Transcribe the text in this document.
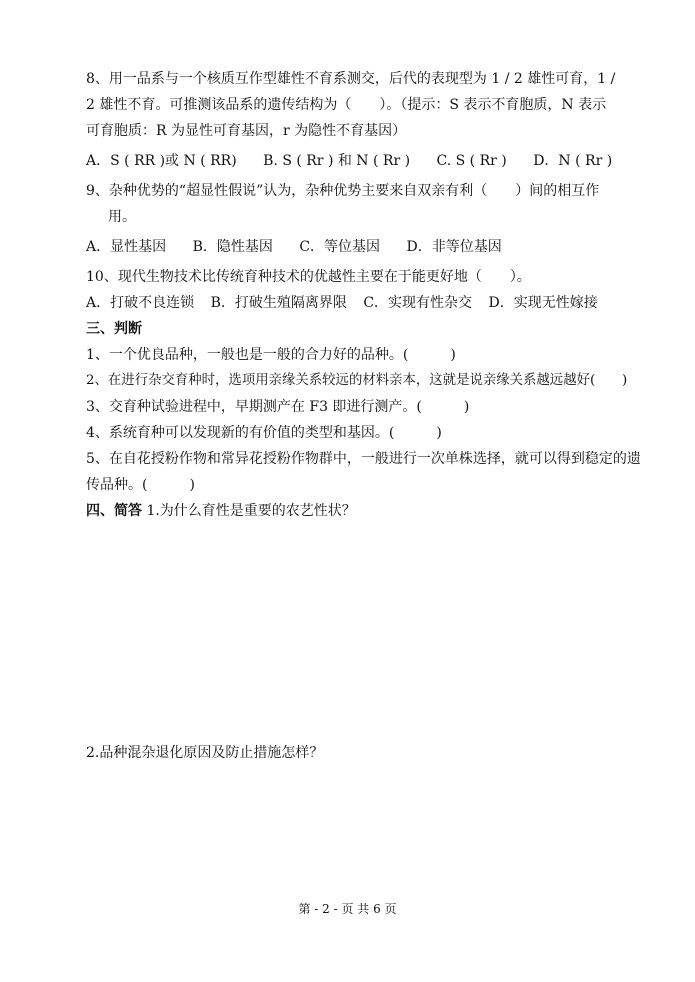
8、用一品系与一个核质互作型雄性不育系测交，后代的表现型为 1 / 2 雄性可育，1 /
2 雄性不育。可推测该品系的遗传结构为（　　）。（提示：S 表示不育胞质，N 表示
可育胞质：R 为显性可育基因，r 为隐性不育基因）
A．S ( RR )或 N ( RR) B. S ( Rr ) 和 N ( Rr ) C. S ( Rr ) D．N ( Rr )
9、杂种优势的“超显性假说”认为，杂种优势主要来自双亲有利（　　）间的相互作
用。
A．显性基因 B．隐性基因 C．等位基因 D．非等位基因
10、现代生物技术比传统育种技术的优越性主要在于能更好地（　　）。
A．打破不良连锁 B．打破生殖隔离界限 C．实现有性杂交 D．实现无性嫁接
三、判断
1、一个优良品种，一般也是一般的合力好的品种。(　　　)
2、在进行杂交育种时，选项用亲缘关系较远的材料亲本，这就是说亲缘关系越远越好(　　)
3、交育种试验进程中，早期测产在 F3 即进行测产。(　　　)
4、系统育种可以发现新的有价值的类型和基因。(　　　)
5、在自花授粉作物和常异花授粉作物群中，一般进行一次单株选择，就可以得到稳定的遗
传品种。(　　　)
四、简答 1.为什么育性是重要的农艺性状？
2.品种混杂退化原因及防止措施怎样？
第 - 2 - 页 共 6 页
